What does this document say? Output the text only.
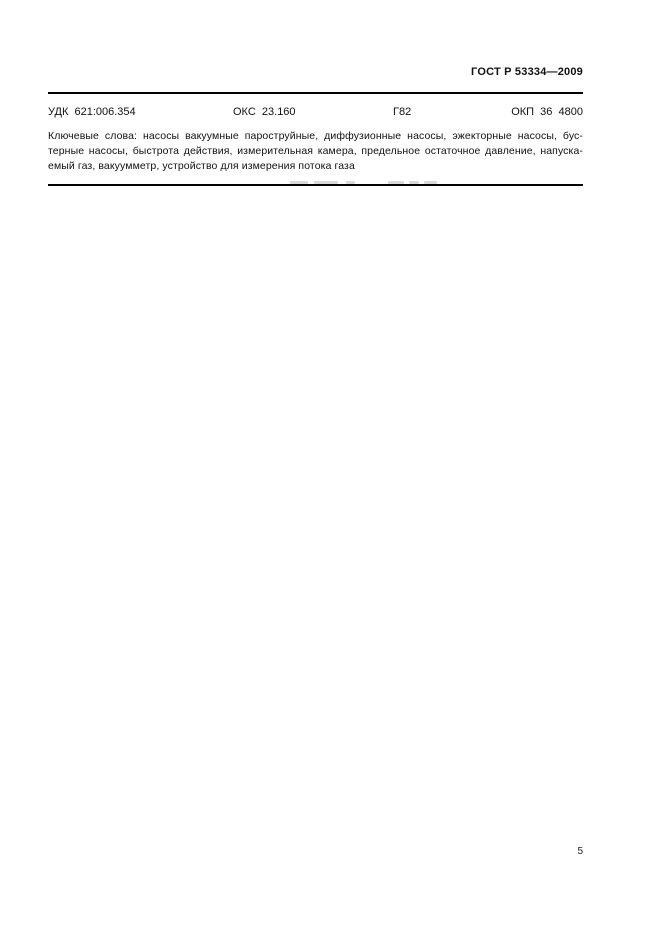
ГОСТ Р 53334—2009
УДК  621:006.354	ОКС  23.160	Г82	ОКП  36  4800
Ключевые слова: насосы вакуумные пароструйные, диффузионные насосы, эжекторные насосы, бус-
терные насосы, быстрота действия, измерительная камера, предельное остаточное давление, напуска-
емый газ, вакуумметр, устройство для измерения потока газа
5
